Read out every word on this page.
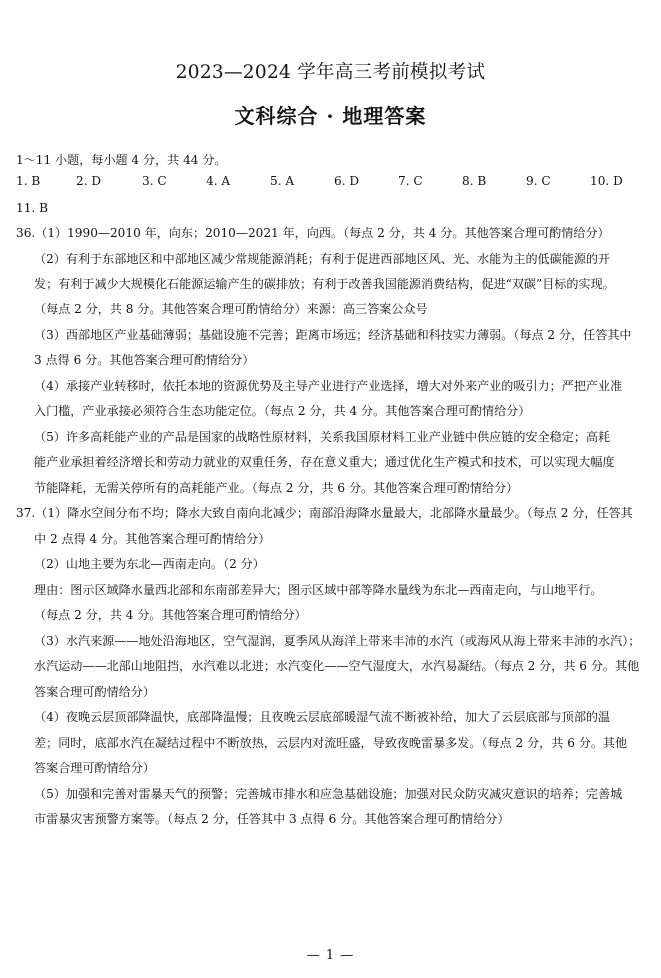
2023—2024 学年高三考前模拟考试
文科综合 · 地理答案

1～11 小题，每小题 4 分，共 44 分。

1. B	2. D	3. C	4. A	5. A	6. D	7. C	8. B	9. C	10. D

11. B

36.（1）1990—2010 年，向东；2010—2021 年，向西。（每点 2 分，共 4 分。其他答案合理可酌情给分）

（2）有利于东部地区和中部地区减少常规能源消耗；有利于促进西部地区风、光、水能为主的低碳能源的开

发；有利于减少大规模化石能源运输产生的碳排放；有利于改善我国能源消费结构，促进“双碳”目标的实现。

（每点 2 分，共 8 分。其他答案合理可酌情给分）来源：高三答案公众号

（3）西部地区产业基础薄弱；基础设施不完善；距离市场远；经济基础和科技实力薄弱。（每点 2 分，任答其中

3 点得 6 分。其他答案合理可酌情给分）

（4）承接产业转移时，依托本地的资源优势及主导产业进行产业选择，增大对外来产业的吸引力；严把产业准

入门槛，产业承接必须符合生态功能定位。（每点 2 分，共 4 分。其他答案合理可酌情给分）

（5）许多高耗能产业的产品是国家的战略性原材料，关系我国原材料工业产业链中供应链的安全稳定；高耗

能产业承担着经济增长和劳动力就业的双重任务，存在意义重大；通过优化生产模式和技术，可以实现大幅度

节能降耗，无需关停所有的高耗能产业。（每点 2 分，共 6 分。其他答案合理可酌情给分）

37.（1）降水空间分布不均；降水大致自南向北减少；南部沿海降水量最大，北部降水量最少。（每点 2 分，任答其

中 2 点得 4 分。其他答案合理可酌情给分）

（2）山地主要为东北—西南走向。（2 分）

理由：图示区域降水量西北部和东南部差异大；图示区域中部等降水量线为东北—西南走向，与山地平行。

（每点 2 分，共 4 分。其他答案合理可酌情给分）

（3）水汽来源——地处沿海地区，空气湿润，夏季风从海洋上带来丰沛的水汽（或海风从海上带来丰沛的水汽）；

水汽运动——北部山地阻挡，水汽难以北进；水汽变化——空气湿度大，水汽易凝结。（每点 2 分，共 6 分。其他

答案合理可酌情给分）

（4）夜晚云层顶部降温快，底部降温慢；且夜晚云层底部暖湿气流不断被补给，加大了云层底部与顶部的温

差；同时，底部水汽在凝结过程中不断放热，云层内对流旺盛，导致夜晚雷暴多发。（每点 2 分，共 6 分。其他

答案合理可酌情给分）

（5）加强和完善对雷暴天气的预警；完善城市排水和应急基础设施；加强对民众防灾减灾意识的培养；完善城

市雷暴灾害预警方案等。（每点 2 分，任答其中 3 点得 6 分。其他答案合理可酌情给分）

— 1 —
